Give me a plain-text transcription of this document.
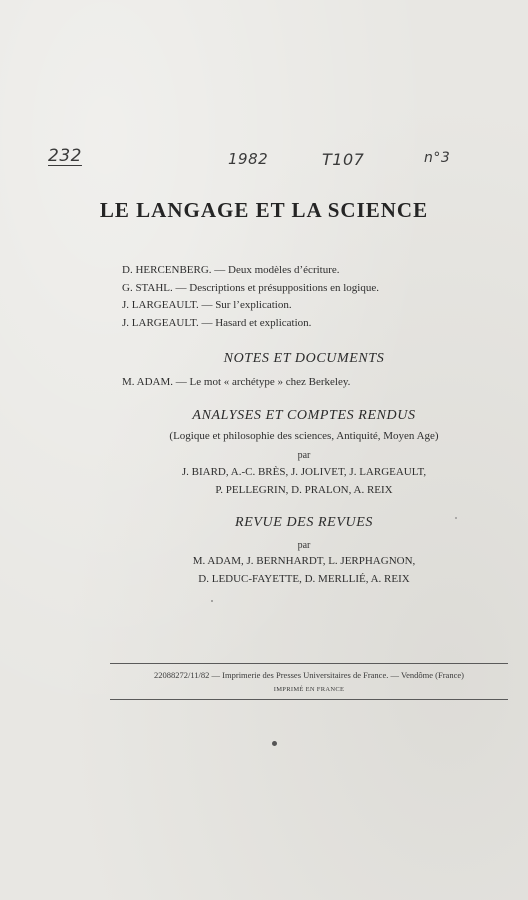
232	1982	T107	n°3
LE LANGAGE ET LA SCIENCE
D. HERCENBERG. — Deux modèles d’écriture.
G. STAHL. — Descriptions et présuppositions en logique.
J. LARGEAULT. — Sur l’explication.
J. LARGEAULT. — Hasard et explication.
NOTES ET DOCUMENTS
M. ADAM. — Le mot « archétype » chez Berkeley.
ANALYSES ET COMPTES RENDUS
(Logique et philosophie des sciences, Antiquité, Moyen Age)
par
J. BIARD, A.-C. BRÈS, J. JOLIVET, J. LARGEAULT,
P. PELLEGRIN, D. PRALON, A. REIX
REVUE DES REVUES
par
M. ADAM, J. BERNHARDT, L. JERPHAGNON,
D. LEDUC-FAYETTE, D. MERLLIÉ, A. REIX
22088272/11/82 — Imprimerie des Presses Universitaires de France. — Vendôme (France)
IMPRIMÉ EN FRANCE
